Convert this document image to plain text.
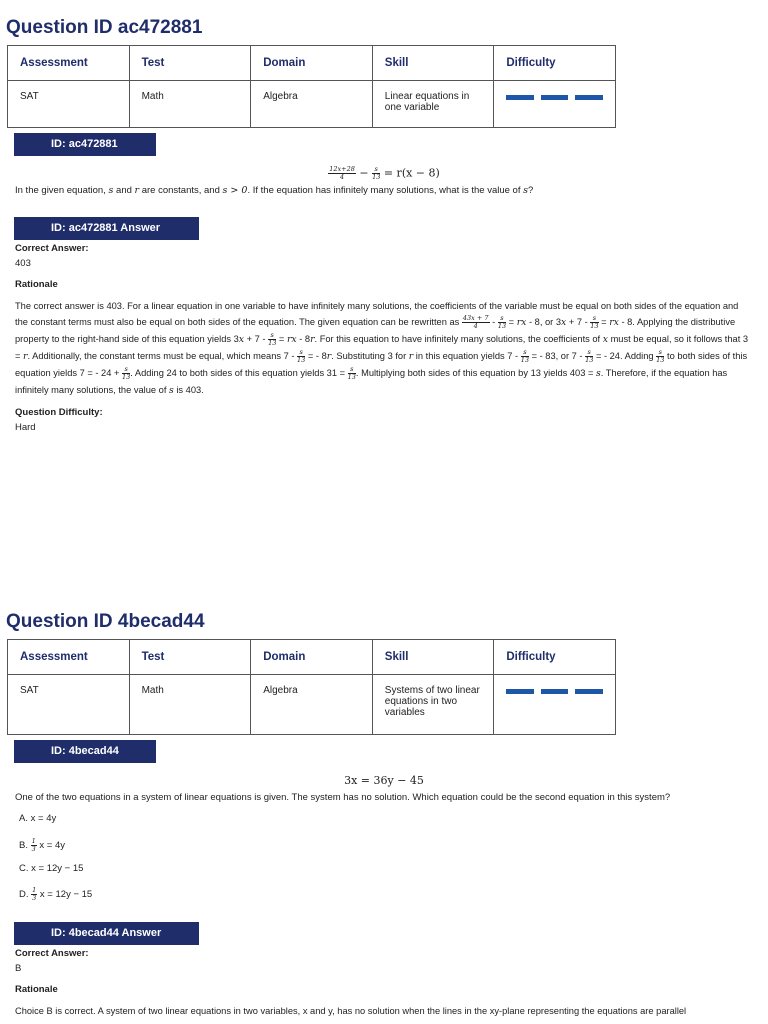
Question ID ac472881
Assessment	Test	Domain	Skill	Difficulty
SAT	Math	Algebra	Linear equations in one variable	
ID: ac472881
$\frac{12x+28}{4} - \frac{s}{13} = r(x - 8)$
In the given equation, s and r are constants, and s > 0. If the equation has infinitely many solutions, what is the value of s?
ID: ac472881 Answer
Correct Answer:
403
Rationale
The correct answer is 403. For a linear equation in one variable to have infinitely many solutions, the coefficients of the variable must be equal on both sides of the equation and the constant terms must also be equal on both sides of the equation. The given equation can be rewritten as $\frac{43x + 7}{4} - \frac{s}{13}$ = rx - 8, or $3x + 7 - \frac{s}{13}$ = rx - 8. Applying the distributive property to the right-hand side of this equation yields $3x + 7 - \frac{s}{13}$ = rx - 8r. For this equation to have infinitely many solutions, the coefficients of x must be equal, so it follows that 3 = r. Additionally, the constant terms must be equal, which means $7 - \frac{s}{13}$ = - 8r. Substituting 3 for r in this equation yields $7 - \frac{s}{13}$ = - 83, or $7 - \frac{s}{13}$ = - 24. Adding $\frac{s}{13}$ to both sides of this equation yields 7 = - $24 + \frac{s}{13}$ . Adding 24 to both sides of this equation yields $31 = \frac{s}{13}$ . Multiplying both sides of this equation by 13 yields 403 = s. Therefore, if the equation has infinitely many solutions, the value of s is 403.
Question Difficulty:
Hard
Question ID 4becad44
Assessment	Test	Domain	Skill	Difficulty
SAT	Math	Algebra	Systems of two linear equations in two variables	
ID: 4becad44
3x = 36y − 45
One of the two equations in a system of linear equations is given. The system has no solution. Which equation could be the second equation in this system?
A. x = 4y
B. $\frac{1}{3}$ x = 4y
C. x = 12y − 15
D. $\frac{1}{3}$ x = 12y − 15
ID: 4becad44 Answer
Correct Answer:
B
Rationale
Choice B is correct. A system of two linear equations in two variables, x and y, has no solution when the lines in the xy-plane representing the equations are parallel
